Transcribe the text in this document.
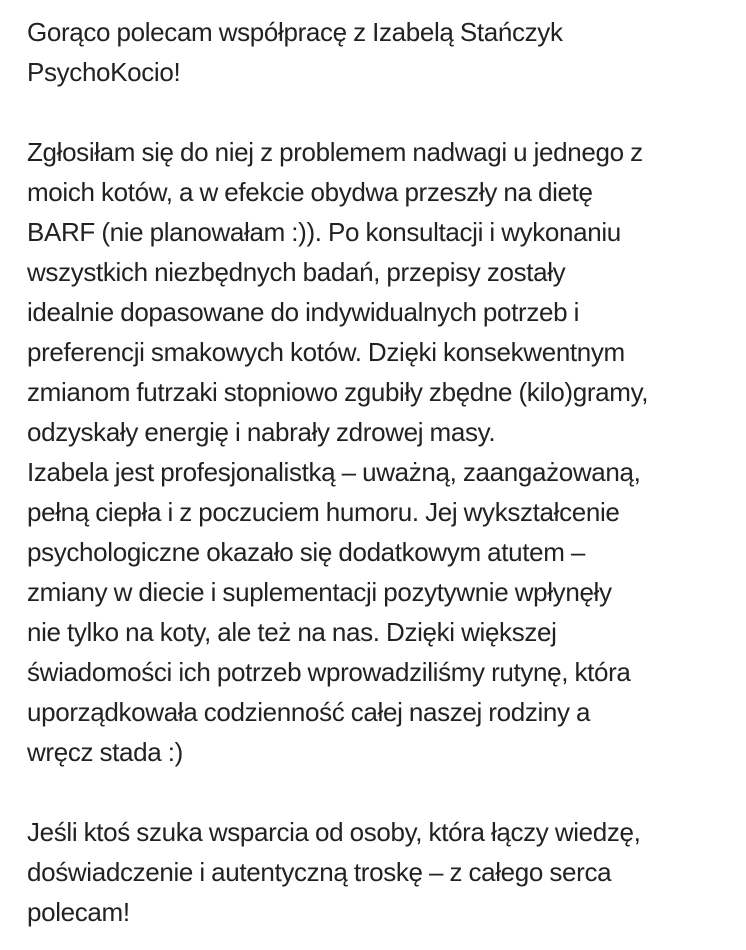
Gorąco polecam współpracę z Izabelą Stańczyk
PsychoKocio!
Zgłosiłam się do niej z problemem nadwagi u jednego z
moich kotów, a w efekcie obydwa przeszły na dietę
BARF (nie planowałam :)). Po konsultacji i wykonaniu
wszystkich niezbędnych badań, przepisy zostały
idealnie dopasowane do indywidualnych potrzeb i
preferencji smakowych kotów. Dzięki konsekwentnym
zmianom futrzaki stopniowo zgubiły zbędne (kilo)gramy,
odzyskały energię i nabrały zdrowej masy.
Izabela jest profesjonalistką – uważną, zaangażowaną,
pełną ciepła i z poczuciem humoru. Jej wykształcenie
psychologiczne okazało się dodatkowym atutem –
zmiany w diecie i suplementacji pozytywnie wpłynęły
nie tylko na koty, ale też na nas. Dzięki większej
świadomości ich potrzeb wprowadziliśmy rutynę, która
uporządkowała codzienność całej naszej rodziny a
wręcz stada :)
Jeśli ktoś szuka wsparcia od osoby, która łączy wiedzę,
doświadczenie i autentyczną troskę – z całego serca
polecam!
